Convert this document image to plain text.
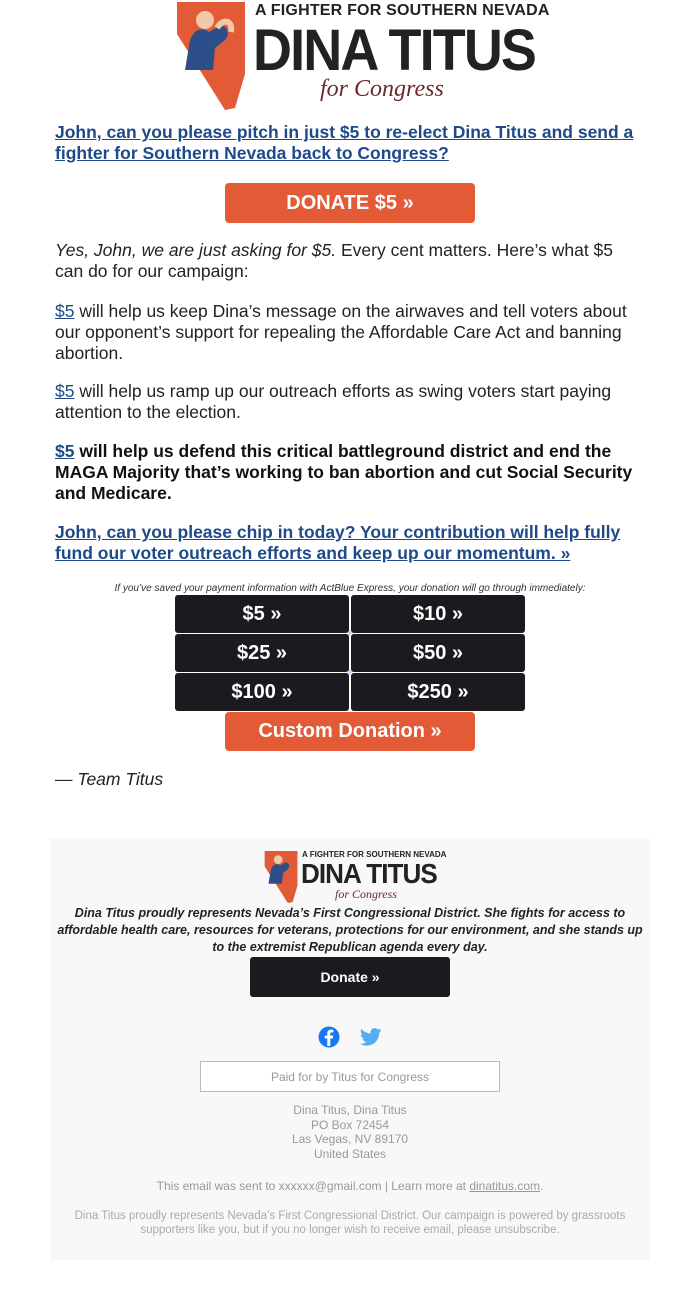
A FIGHTER FOR SOUTHERN NEVADA
DINA TITUS
for Congress
John, can you please pitch in just $5 to re-elect Dina Titus and send a fighter for Southern Nevada back to Congress?
DONATE $5 »
Yes, John, we are just asking for $5. Every cent matters. Here’s what $5 can do for our campaign:
$5 will help us keep Dina’s message on the airwaves and tell voters about our opponent’s support for repealing the Affordable Care Act and banning abortion.
$5 will help us ramp up our outreach efforts as swing voters start paying attention to the election.
$5 will help us defend this critical battleground district and end the MAGA Majority that’s working to ban abortion and cut Social Security and Medicare.
John, can you please chip in today? Your contribution will help fully fund our voter outreach efforts and keep up our momentum. »
If you’ve saved your payment information with ActBlue Express, your donation will go through immediately:
$5 »	$10 »
$25 »	$50 »
$100 »	$250 »
✦
✦
Custom Donation »
— Team Titus
A FIGHTER FOR SOUTHERN NEVADA
DINA TITUS
for Congress
Dina Titus proudly represents Nevada’s First Congressional District. She fights for access to affordable health care, resources for veterans, protections for our environment, and she stands up to the extremist Republican agenda every day.
Donate »
Paid for by Titus for Congress
Dina Titus, Dina Titus
PO Box 72454
Las Vegas, NV 89170
United States
This email was sent to xxxxxx@gmail.com | Learn more at dinatitus.com.
Dina Titus proudly represents Nevada’s First Congressional District. Our campaign is powered by grassroots supporters like you, but if you no longer wish to receive email, please unsubscribe.
